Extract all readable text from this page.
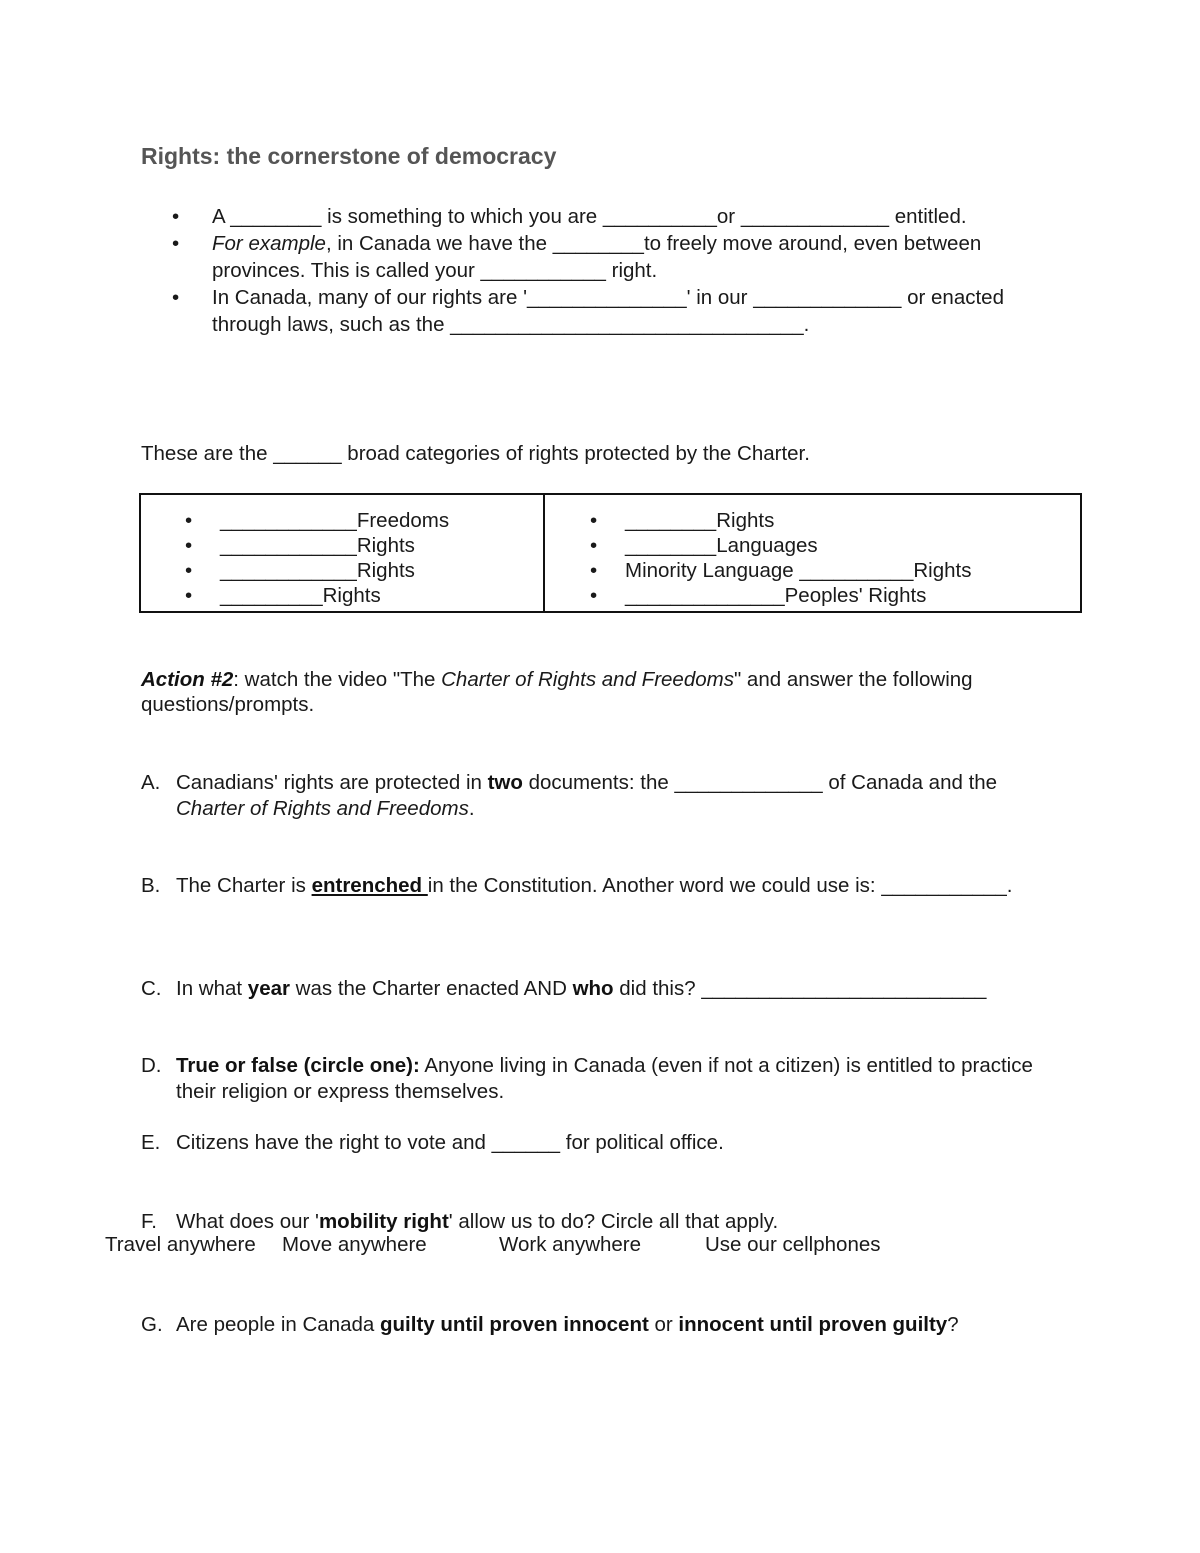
Rights: the cornerstone of democracy
• A ________ is something to which you are __________or _____________ entitled.
• For example, in Canada we have the ________to freely move around, even between provinces. This is called your ___________ right.
• In Canada, many of our rights are '______________' in our _____________ or enacted through laws, such as the _______________________________.
These are the ______ broad categories of rights protected by the Charter.
• ____________Freedoms
• ____________Rights
• ____________Rights
• _________Rights
• ________Rights
• ________Languages
• Minority Language __________Rights
• ______________Peoples' Rights
Action #2: watch the video "The Charter of Rights and Freedoms" and answer the following questions/prompts.
A. Canadians' rights are protected in two documents: the _____________ of Canada and the Charter of Rights and Freedoms.
B. The Charter is entrenched in the Constitution. Another word we could use is: ___________.
C. In what year was the Charter enacted AND who did this? _________________________
D. True or false (circle one): Anyone living in Canada (even if not a citizen) is entitled to practice their religion or express themselves.
E. Citizens have the right to vote and ______ for political office.
F. What does our 'mobility right' allow us to do? Circle all that apply.
Travel anywhere Move anywhere	Work anywhere	Use our cellphones
G. Are people in Canada guilty until proven innocent or innocent until proven guilty?
